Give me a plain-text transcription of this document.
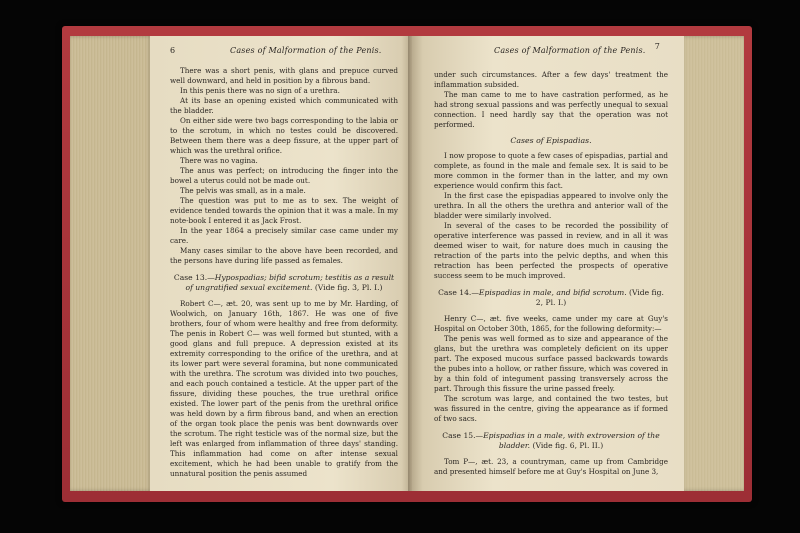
6	Cases of Malformation of the Penis.

There was a short penis, with glans and prepuce curved well downward, and held in position by a fibrous band.

In this penis there was no sign of a urethra.

At its base an opening existed which communicated with the bladder.

On either side were two bags corresponding to the labia or to the scrotum, in which no testes could be discovered. Between them there was a deep fissure, at the upper part of which was the urethral orifice.

There was no vagina.

The anus was perfect; on introducing the finger into the bowel a uterus could not be made out.

The pelvis was small, as in a male.

The question was put to me as to sex. The weight of evidence tended towards the opinion that it was a male. In my note-book I entered it as Jack Frost.

In the year 1864 a precisely similar case came under my care.

Many cases similar to the above have been recorded, and the persons have during life passed as females.

Case 13.—Hypospadias; bifid scrotum; testitis as a result of ungratified sexual excitement. (Vide fig. 3, Pl. I.)

Robert C—, æt. 20, was sent up to me by Mr. Harding, of Woolwich, on January 16th, 1867. He was one of five brothers, four of whom were healthy and free from deformity. The penis in Robert C— was well formed but stunted, with a good glans and full prepuce. A depression existed at its extremity corresponding to the orifice of the urethra, and at its lower part were several foramina, but none communicated with the urethra. The scrotum was divided into two pouches, and each pouch contained a testicle. At the upper part of the fissure, dividing these pouches, the true urethral orifice existed. The lower part of the penis from the urethral orifice was held down by a firm fibrous band, and when an erection of the organ took place the penis was bent downwards over the scrotum. The right testicle was of the normal size, but the left was enlarged from inflammation of three days' standing. This inflammation had come on after intense sexual excitement, which he had been unable to gratify from the unnatural position the penis assumed

Cases of Malformation of the Penis. 7

under such circumstances. After a few days' treatment the inflammation subsided.

The man came to me to have castration performed, as he had strong sexual passions and was perfectly unequal to sexual connection. I need hardly say that the operation was not performed.

Cases of Epispadias.

I now propose to quote a few cases of epispadias, partial and complete, as found in the male and female sex. It is said to be more common in the former than in the latter, and my own experience would confirm this fact.

In the first case the epispadias appeared to involve only the urethra. In all the others the urethra and anterior wall of the bladder were similarly involved.

In several of the cases to be recorded the possibility of operative interference was passed in review, and in all it was deemed wiser to wait, for nature does much in causing the retraction of the parts into the pelvic depths, and when this retraction has been perfected the prospects of operative success seem to be much improved.

Case 14.—Epispadias in male, and bifid scrotum. (Vide fig. 2, Pl. I.)

Henry C—, æt. five weeks, came under my care at Guy's Hospital on October 30th, 1865, for the following deformity:—

The penis was well formed as to size and appearance of the glans, but the urethra was completely deficient on its upper part. The exposed mucous surface passed backwards towards the pubes into a hollow, or rather fissure, which was covered in by a thin fold of integument passing transversely across the part. Through this fissure the urine passed freely.

The scrotum was large, and contained the two testes, but was fissured in the centre, giving the appearance as if formed of two sacs.

Case 15.—Epispadias in a male, with extroversion of the bladder. (Vide fig. 6, Pl. II.)

Tom P—, æt. 23, a countryman, came up from Cambridge and presented himself before me at Guy's Hospital on June 3,
